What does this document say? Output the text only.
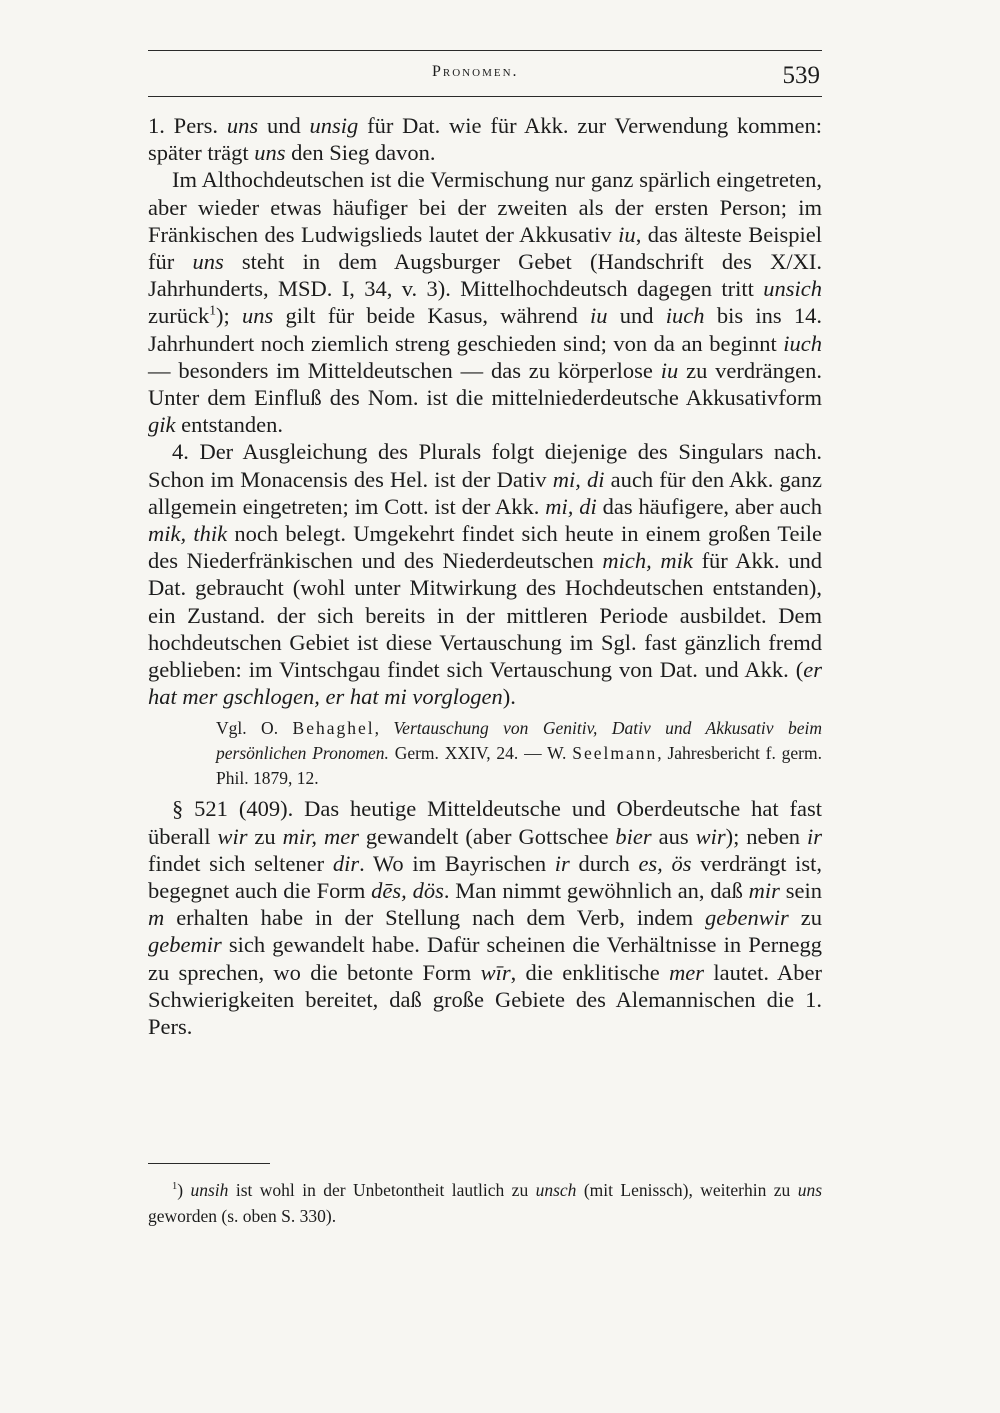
Pronomen.	539

1. Pers. uns und unsig für Dat. wie für Akk. zur Verwendung kommen: später trägt uns den Sieg davon.

Im Althochdeutschen ist die Vermischung nur ganz spärlich eingetreten, aber wieder etwas häufiger bei der zweiten als der ersten Person; im Fränkischen des Ludwigslieds lautet der Akkusativ iu, das älteste Beispiel für uns steht in dem Augsburger Gebet (Handschrift des X/XI. Jahrhunderts, MSD. I, 34, v. 3). Mittelhochdeutsch dagegen tritt unsich zurück$^1$); uns gilt für beide Kasus, während iu und iuch bis ins 14. Jahrhundert noch ziemlich streng geschieden sind; von da an beginnt iuch — besonders im Mitteldeutschen — das zu körperlose iu zu verdrängen. Unter dem Einfluß des Nom. ist die mittelniederdeutsche Akkusativform gik entstanden.

4. Der Ausgleichung des Plurals folgt diejenige des Singulars nach. Schon im Monacensis des Hel. ist der Dativ mi, di auch für den Akk. ganz allgemein eingetreten; im Cott. ist der Akk. mi, di das häufigere, aber auch mik, thik noch belegt. Umgekehrt findet sich heute in einem großen Teile des Niederfränkischen und des Niederdeutschen mich, mik für Akk. und Dat. gebraucht (wohl unter Mitwirkung des Hochdeutschen entstanden), ein Zustand. der sich bereits in der mittleren Periode ausbildet. Dem hochdeutschen Gebiet ist diese Vertauschung im Sgl. fast gänzlich fremd geblieben: im Vintschgau findet sich Vertauschung von Dat. und Akk. (er hat mer gschlogen, er hat mi vorglogen).

Vgl. O. Behaghel, Vertauschung von Genitiv, Dativ und Akkusativ beim persönlichen Pronomen. Germ. XXIV, 24. — W. Seelmann, Jahresbericht f. germ. Phil. 1879, 12.

§ 521 (409). Das heutige Mitteldeutsche und Oberdeutsche hat fast überall wir zu mir, mer gewandelt (aber Gottschee bier aus wir); neben ir findet sich seltener dir. Wo im Bayrischen ir durch es, ös verdrängt ist, begegnet auch die Form dēs, dös. Man nimmt gewöhnlich an, daß mir sein m erhalten habe in der Stellung nach dem Verb, indem gebenwir zu gebemir sich gewandelt habe. Dafür scheinen die Verhältnisse in Pernegg zu sprechen, wo die betonte Form wīr, die enklitische mer lautet. Aber Schwierigkeiten bereitet, daß große Gebiete des Alemannischen die 1. Pers.

$^1$) unsih ist wohl in der Unbetontheit lautlich zu unsch (mit Lenissch), weiterhin zu uns geworden (s. oben S. 330).
